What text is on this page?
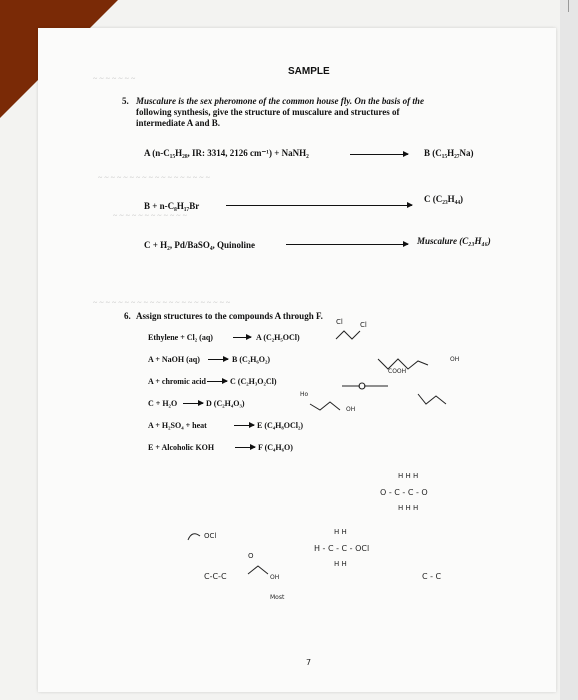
~ ~ ~ ~ ~ ~ ~
~ ~ ~ ~ ~ ~ ~ ~ ~ ~ ~ ~ ~ ~ ~ ~ ~ ~
~ ~ ~ ~ ~ ~ ~ ~ ~ ~ ~ ~
~ ~ ~ ~ ~ ~ ~ ~ ~ ~ ~ ~ ~ ~ ~ ~ ~ ~ ~ ~ ~ ~
SAMPLE
5. Muscalure is the sex pheromone of the common house fly. On the basis of the
following synthesis, give the structure of muscalure and structures of
intermediate A and B.
A (n-C₁₅H₂₈, IR: 3314, 2126 cm⁻¹) + NaNH₂	→ B (C₁₅H₂₇Na)
B + n-C₈H₁₇Br
C (C₂₃H₄₄)
C + H₂, Pd/BaSO₄, Quinoline	Muscalure (C₂₃H₄₆)
6. Assign structures to the compounds A through F.
Ethylene + Cl₂ (aq) → A (C₂H₅OCl)
A + NaOH (aq) → B (C₂H₆O₂)
A + chromic acid → C (C₂H₃O₂Cl)
C + H₂O → D (C₂H₄O₃)
A + H₂SO₄ + heat → E (C₄H₈OCl₂)
E + Alcoholic KOH → F (C₄H₆O)
Cl Cl
COOH
OH
Ho
OH
H H H
O - C - C - O
H H H
H H
H - C - C - OCl
H H
OCl
O
C-C-C	OH
Most
C - C
7
